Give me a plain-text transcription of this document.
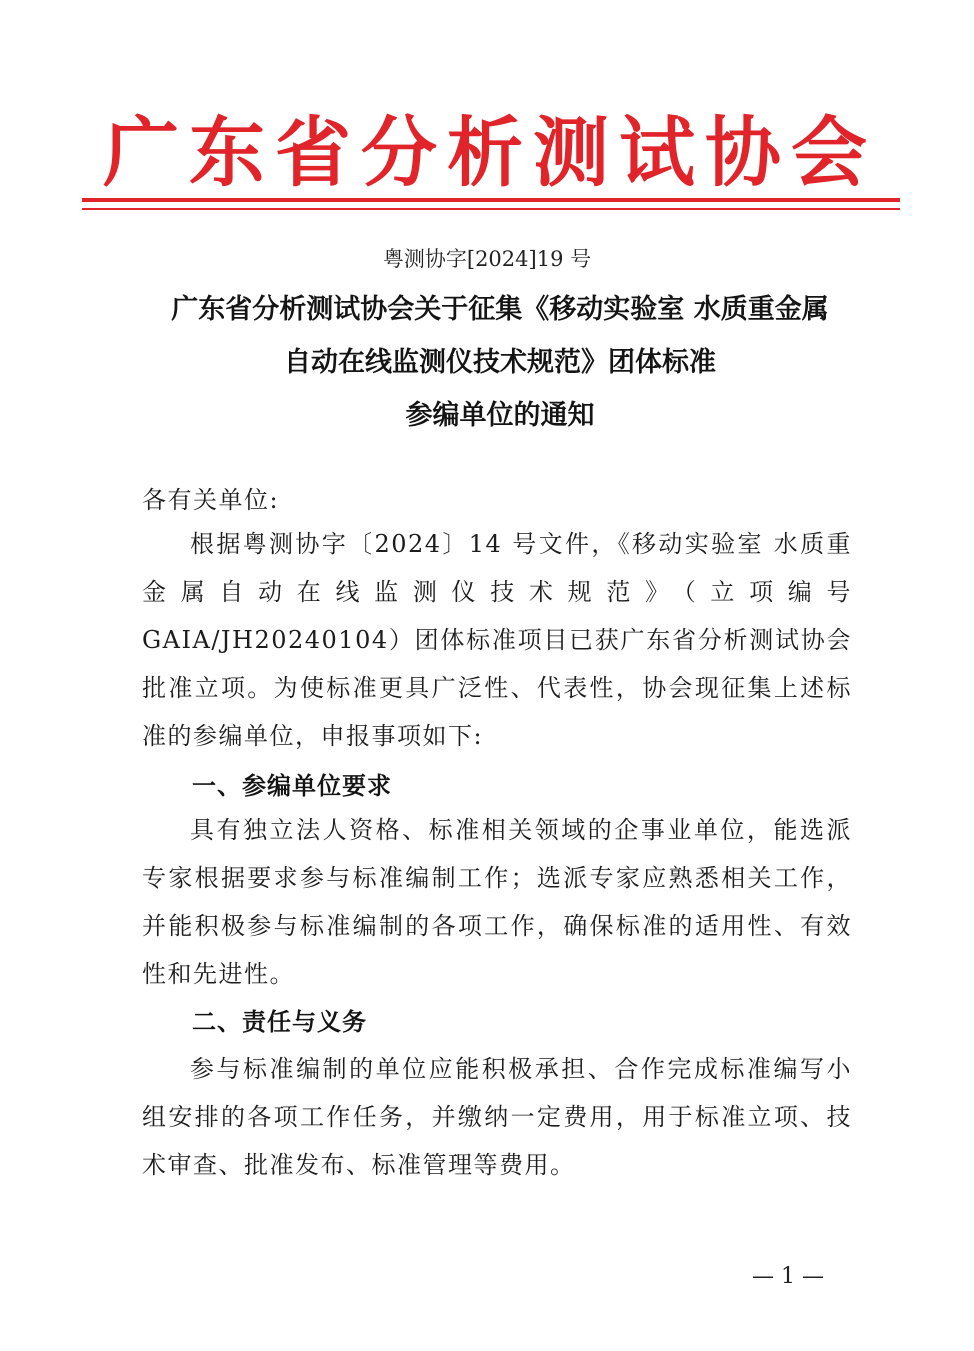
广东省分析测试协会
粤测协字[2024]19 号
广东省分析测试协会关于征集《移动实验室 水质重金属
自动在线监测仪技术规范》团体标准
参编单位的通知
各有关单位:
根据粤测协字〔2024〕14 号文件，《移动实验室 水质重金属自动在线监测仪技术规范》（立项编号 GAIA/JH20240104）团体标准项目已获广东省分析测试协会批准立项。为使标准更具广泛性、代表性，协会现征集上述标准的参编单位，申报事项如下:
一、参编单位要求
具有独立法人资格、标准相关领域的企事业单位，能选派专家根据要求参与标准编制工作；选派专家应熟悉相关工作，并能积极参与标准编制的各项工作，确保标准的适用性、有效性和先进性。
二、责任与义务
参与标准编制的单位应能积极承担、合作完成标准编写小组安排的各项工作任务，并缴纳一定费用，用于标准立项、技术审查、批准发布、标准管理等费用。
— 1 —
